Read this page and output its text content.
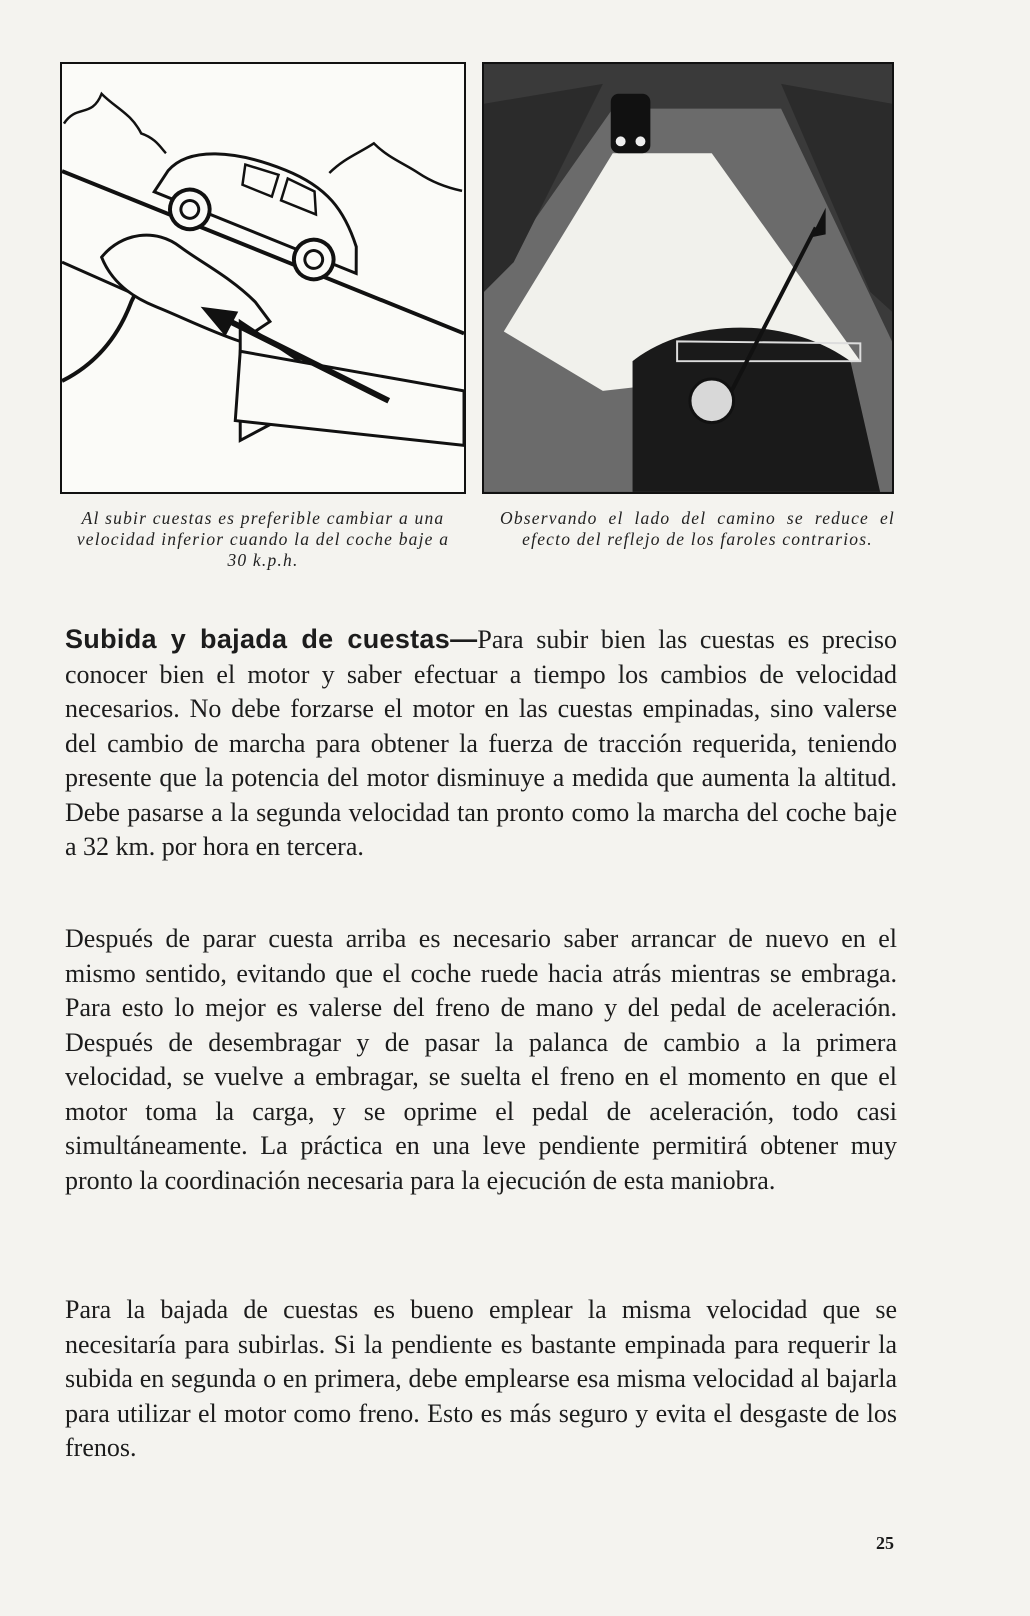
Al subir cuestas es preferible cambiar a una velocidad inferior cuando la del coche baje a 30 k.p.h.
Observando el lado del camino se reduce el efecto del reflejo de los faroles contrarios.

Subida y bajada de cuestas—Para subir bien las cuestas es preciso conocer bien el motor y saber efectuar a tiempo los cambios de velocidad necesarios. No debe forzarse el motor en las cuestas empinadas, sino valerse del cambio de marcha para obtener la fuerza de tracción requerida, teniendo presente que la potencia del motor disminuye a medida que aumenta la altitud. Debe pasarse a la segunda velocidad tan pronto como la marcha del coche baje a 32 km. por hora en tercera.

Después de parar cuesta arriba es necesario saber arrancar de nuevo en el mismo sentido, evitando que el coche ruede hacia atrás mientras se embraga. Para esto lo mejor es valerse del freno de mano y del pedal de aceleración. Después de desembragar y de pasar la palanca de cambio a la primera velocidad, se vuelve a embragar, se suelta el freno en el momento en que el motor toma la carga, y se oprime el pedal de aceleración, todo casi simultáneamente. La práctica en una leve pendiente permitirá obtener muy pronto la coordinación necesaria para la ejecución de esta maniobra.

Para la bajada de cuestas es bueno emplear la misma velocidad que se necesitaría para subirlas. Si la pendiente es bastante empinada para requerir la subida en segunda o en primera, debe emplearse esa misma velocidad al bajarla para utilizar el motor como freno. Esto es más seguro y evita el desgaste de los frenos.

25
